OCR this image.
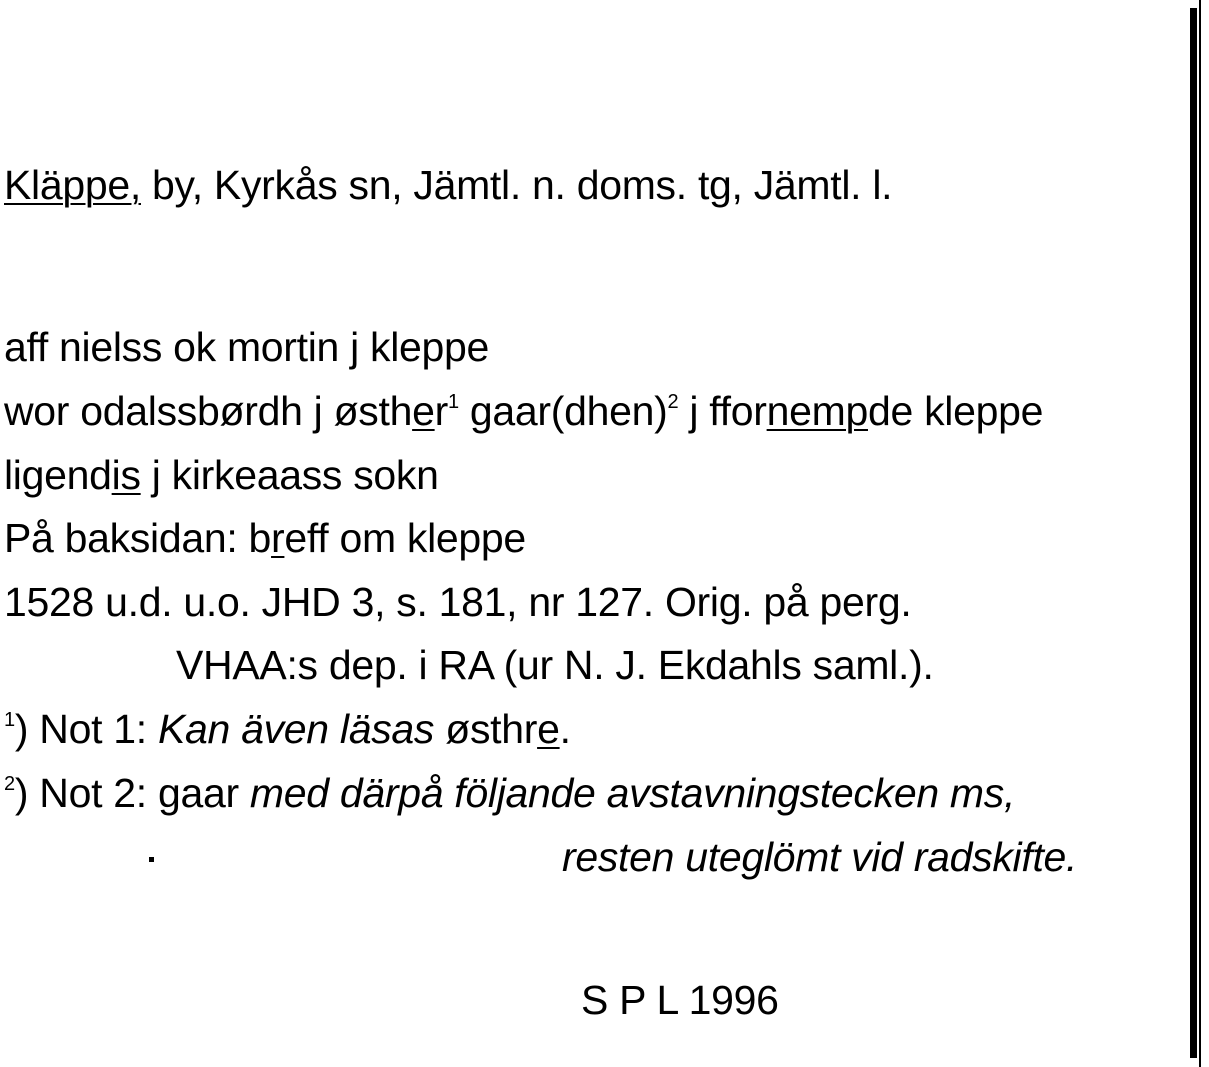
Kläppe, by, Kyrkås sn, Jämtl. n. doms. tg, Jämtl. l.
aff nielss ok mortin j kleppe
wor odalssbørdh j østher$^1$ gaar(dhen)$^2$ j ffornempde kleppe
ligendis j kirkeaass sokn
På baksidan: breff om kleppe
1528 u.d. u.o. JHD 3, s. 181, nr 127. Orig. på perg.
VHAA:s dep. i RA (ur N. J. Ekdahls saml.).
$^1$) Not 1: Kan även läsas østhre.
$^2$) Not 2: gaar med därpå följande avstavningstecken ms,
resten uteglömt vid radskifte.
S P L 1996
